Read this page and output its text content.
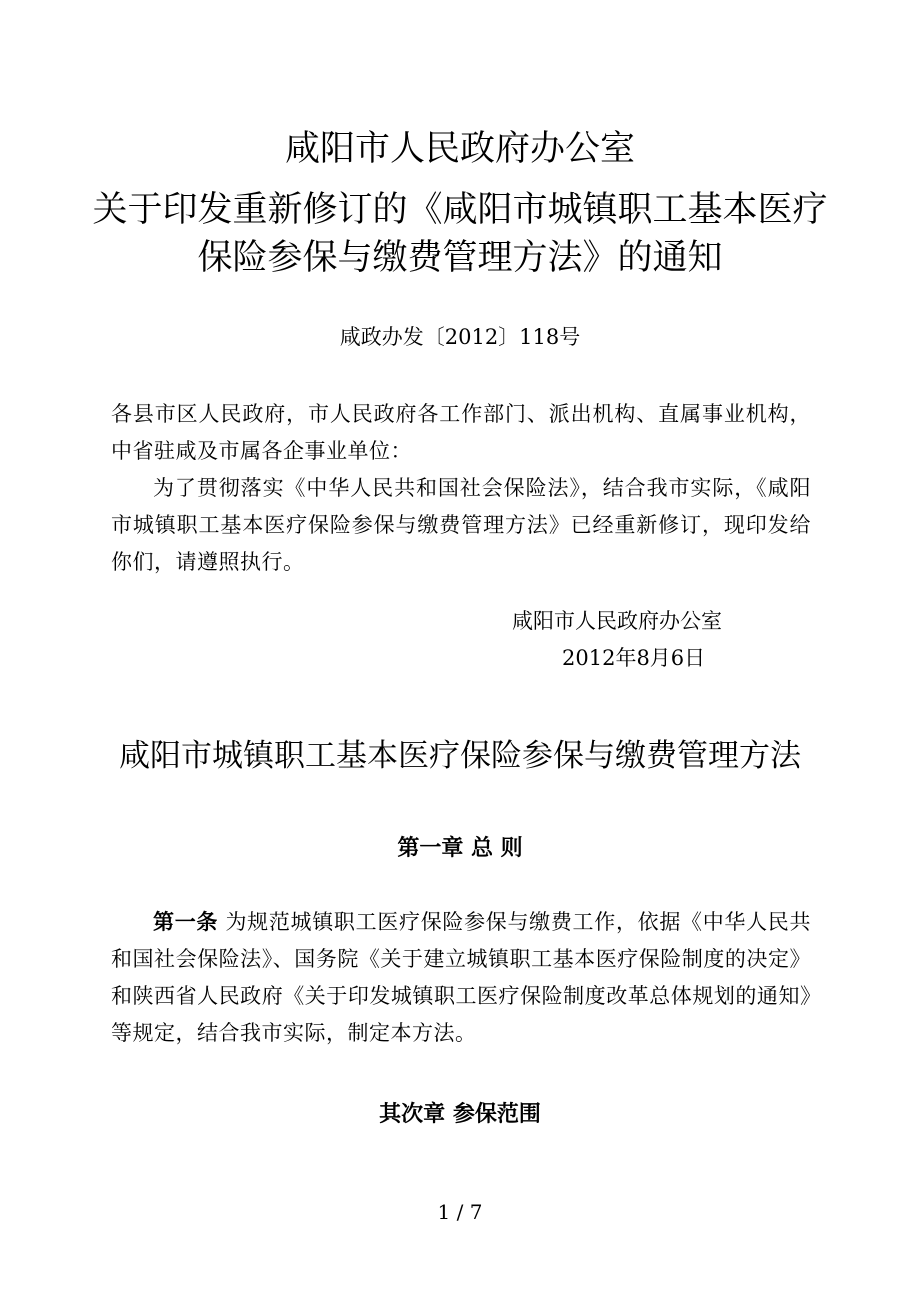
咸阳市人民政府办公室
关于印发重新修订的《咸阳市城镇职工基本医疗
保险参保与缴费管理方法》的通知
咸政办发〔2012〕118号
各县市区人民政府，市人民政府各工作部门、派出机构、直属事业机构，中省驻咸及市属各企事业单位：
为了贯彻落实《中华人民共和国社会保险法》，结合我市实际，《咸阳市城镇职工基本医疗保险参保与缴费管理方法》已经重新修订，现印发给你们，请遵照执行。
咸阳市人民政府办公室
2012年8月6日
咸阳市城镇职工基本医疗保险参保与缴费管理方法
第一章 总 则
第一条 为规范城镇职工医疗保险参保与缴费工作，依据《中华人民共和国社会保险法》、国务院《关于建立城镇职工基本医疗保险制度的决定》和陕西省人民政府《关于印发城镇职工医疗保险制度改革总体规划的通知》等规定，结合我市实际，制定本方法。
其次章 参保范围
1 / 7
